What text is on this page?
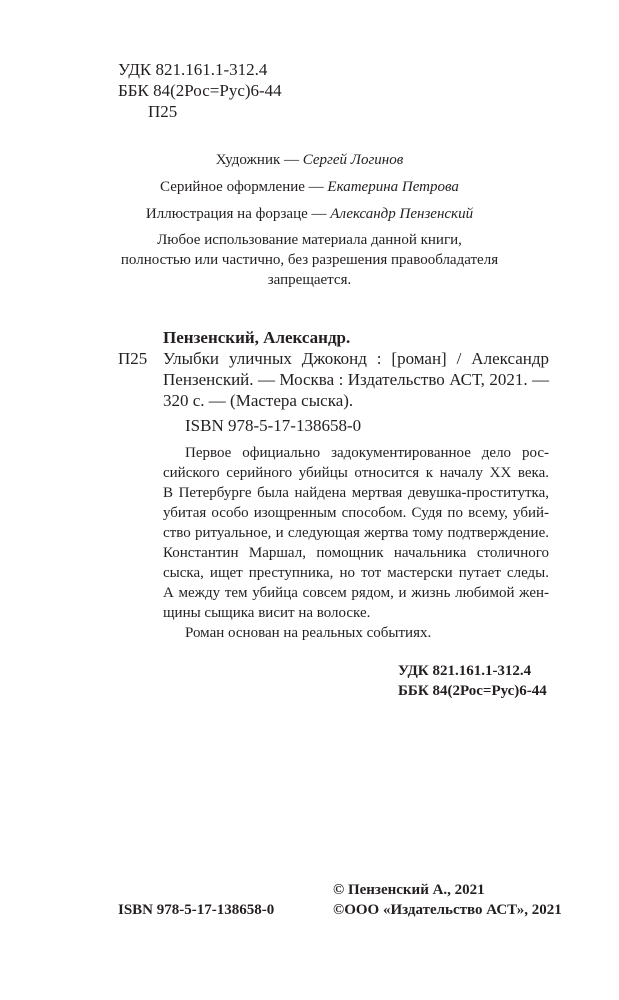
УДК 821.161.1-312.4
ББК 84(2Рос=Рус)6-44
П25
Художник — Сергей Логинов
Серийное оформление — Екатерина Петрова
Иллюстрация на форзаце — Александр Пензенский
Любое использование материала данной книги,
полностью или частично, без разрешения правообладателя
запрещается.
Пензенский, Александр.
П25 Улыбки уличных Джоконд : [роман] / Александр
Пензенский. — Москва : Издательство АСТ, 2021. —
320 с. — (Мастера сыска).
ISBN 978-5-17-138658-0
Первое официально задокументированное дело рос-
сийского серийного убийцы относится к началу XX века.
В Петербурге была найдена мертвая девушка-проститутка,
убитая особо изощренным способом. Судя по всему, убий-
ство ритуальное, и следующая жертва тому подтверждение.
Константин Маршал, помощник начальника столичного
сыска, ищет преступника, но тот мастерски путает следы.
А между тем убийца совсем рядом, и жизнь любимой жен-
щины сыщика висит на волоске.
Роман основан на реальных событиях.
УДК 821.161.1-312.4
ББК 84(2Рос=Рус)6-44
© Пензенский А., 2021
ISBN 978-5-17-138658-0	©ООО «Издательство АСТ», 2021
